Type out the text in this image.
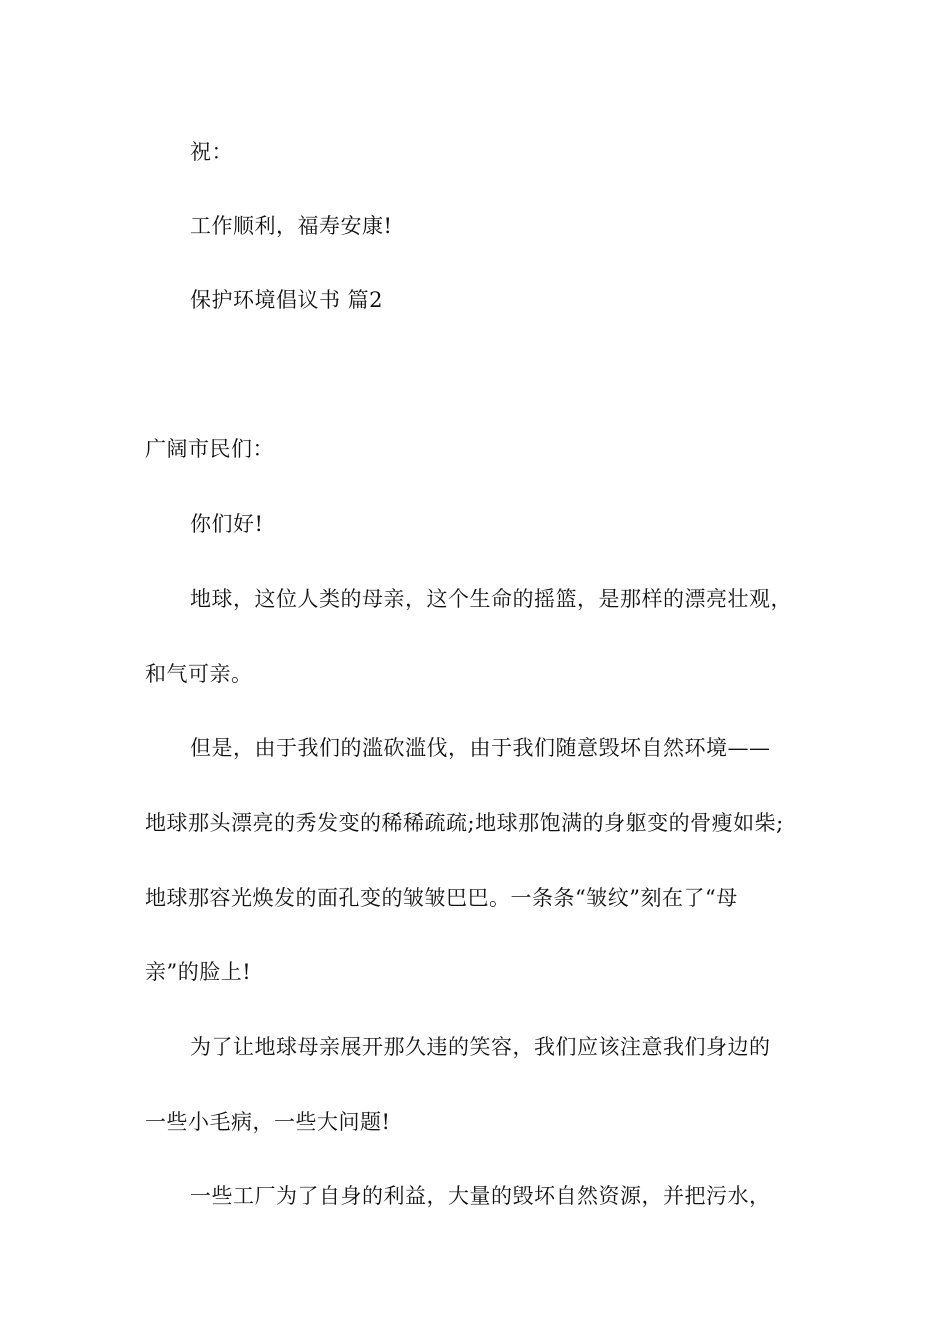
祝：
工作顺利，福寿安康!
保护环境倡议书 篇2
广阔市民们：
你们好!
地球，这位人类的母亲，这个生命的摇篮，是那样的漂亮壮观，
和气可亲。
但是，由于我们的滥砍滥伐，由于我们随意毁坏自然环境——
地球那头漂亮的秀发变的稀稀疏疏;地球那饱满的身躯变的骨瘦如柴;
地球那容光焕发的面孔变的皱皱巴巴。一条条“皱纹”刻在了“母
亲”的脸上!
为了让地球母亲展开那久违的笑容，我们应该注意我们身边的
一些小毛病，一些大问题!
一些工厂为了自身的利益，大量的毁坏自然资源，并把污水，
